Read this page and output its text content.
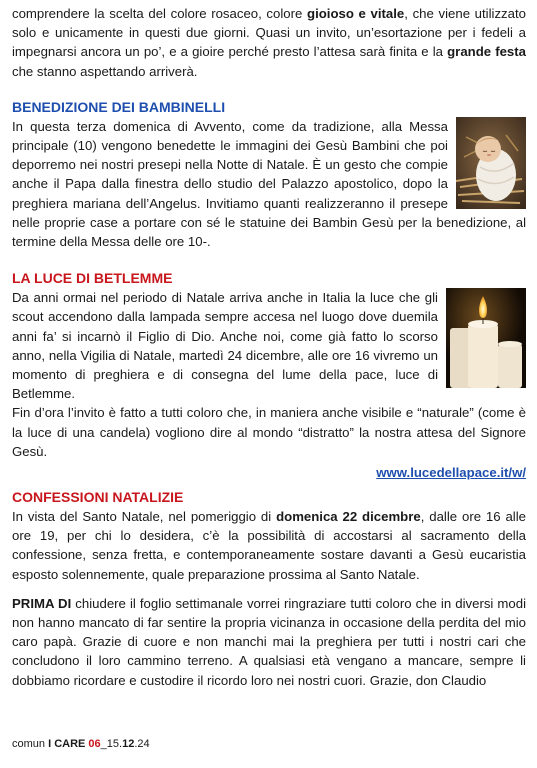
comprendere la scelta del colore rosaceo, colore gioioso e vitale, che viene utilizzato solo e unicamente in questi due giorni. Quasi un invito, un’esortazione per i fedeli a impegnarsi ancora un po’, e a gioire perché presto l’attesa sarà finita e la grande festa che stanno aspettando arriverà.

BENEDIZIONE DEI BAMBINELLI

In questa terza domenica di Avvento, come da tradizione, alla Messa principale (10) vengono benedette le immagini dei Gesù Bambini che poi deporremo nei nostri presepi nella Notte di Natale. È un gesto che compie anche il Papa dalla finestra dello studio del Palazzo apostolico, dopo la preghiera mariana dell’Angelus. Invitiamo quanti realizzeranno il presepe nelle proprie case a portare con sé le statuine dei Bambin Gesù per la benedizione, al termine della Messa delle ore 10-.

LA LUCE DI BETLEMME

Da anni ormai nel periodo di Natale arriva anche in Italia la luce che gli scout accendono dalla lampada sempre accesa nel luogo dove duemila anni fa’ si incarnò il Figlio di Dio. Anche noi, come già fatto lo scorso anno, nella Vigilia di Natale, martedì 24 dicembre, alle ore 16 vivremo un momento di preghiera e di consegna del lume della pace, luce di Betlemme.

Fin d’ora l’invito è fatto a tutti coloro che, in maniera anche visibile e “naturale” (come è la luce di una candela) vogliono dire al mondo “distratto” la nostra attesa del Signore Gesù.

www.lucedellapace.it/w/
CONFESSIONI NATALIZIE

In vista del Santo Natale, nel pomeriggio di domenica 22 dicembre, dalle ore 16 alle ore 19, per chi lo desidera, c’è la possibilità di accostarsi al sacramento della confessione, senza fretta, e contemporaneamente sostare davanti a Gesù eucaristia esposto solennemente, quale preparazione prossima al Santo Natale.

PRIMA DI chiudere il foglio settimanale vorrei ringraziare tutti coloro che in diversi modi non hanno mancato di far sentire la propria vicinanza in occasione della perdita del mio caro papà. Grazie di cuore e non manchi mai la preghiera per tutti i nostri cari che concludono il loro cammino terreno. A qualsiasi età vengano a mancare, sempre li dobbiamo ricordare e custodire il ricordo loro nei nostri cuori. Grazie, don Claudio

comun I CARE 06_15.12.24
